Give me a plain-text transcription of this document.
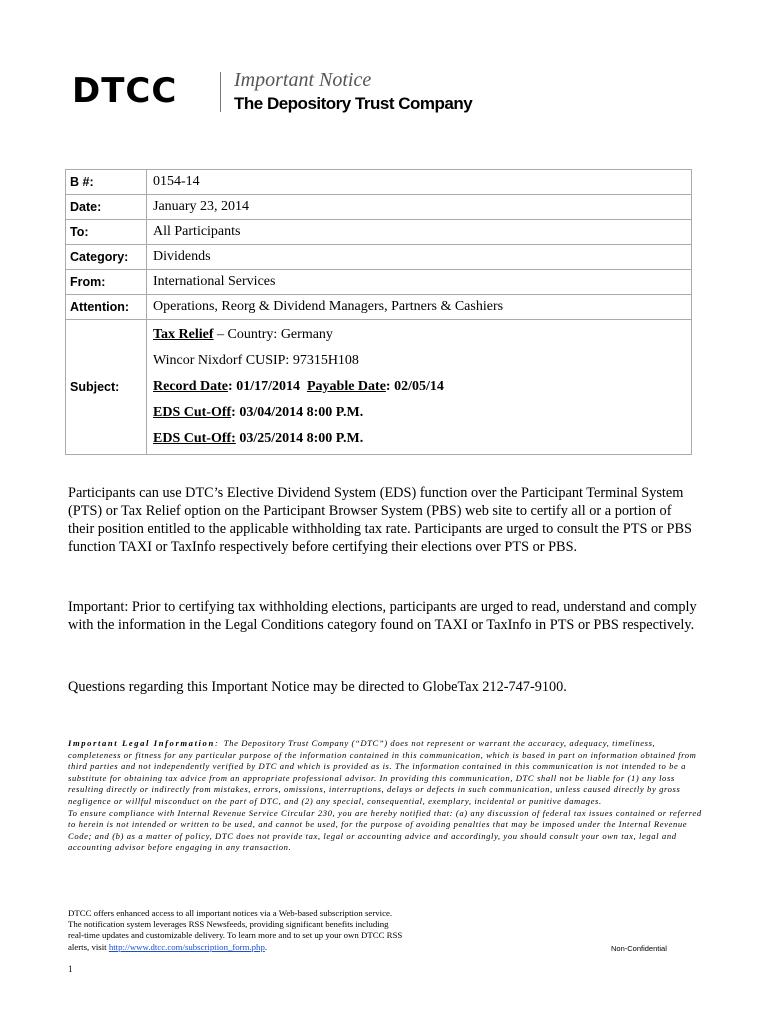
DTCC	Important Notice
The Depository Trust Company
B #:	0154-14
Date:	January 23, 2014
To:	All Participants
Category:	Dividends
From:	International Services
Attention:	Operations, Reorg & Dividend Managers, Partners & Cashiers
Subject:	Tax Relief – Country: Germany
Wincor Nixdorf CUSIP: 97315H108
Record Date: 01/17/2014  Payable Date: 02/05/14
EDS Cut-Off: 03/04/2014 8:00 P.M.
EDS Cut-Off: 03/25/2014 8:00 P.M.
Participants can use DTC’s Elective Dividend System (EDS) function over the Participant Terminal System (PTS) or Tax Relief option on the Participant Browser System (PBS) web site to certify all or a portion of their position entitled to the applicable withholding tax rate. Participants are urged to consult the PTS or PBS function TAXI or TaxInfo respectively before certifying their elections over PTS or PBS.
Important: Prior to certifying tax withholding elections, participants are urged to read, understand and comply with the information in the Legal Conditions category found on TAXI or TaxInfo in PTS or PBS respectively.
Questions regarding this Important Notice may be directed to GlobeTax 212-747-9100.
Important Legal Information:  The Depository Trust Company (“DTC”) does not represent or warrant the accuracy, adequacy, timeliness, completeness or fitness for any particular purpose of the information contained in this communication, which is based in part on information obtained from third parties and not independently verified by DTC and which is provided as is. The information contained in this communication is not intended to be a substitute for obtaining tax advice from an appropriate professional advisor. In providing this communication, DTC shall not be liable for (1) any loss resulting directly or indirectly from mistakes, errors, omissions, interruptions, delays or defects in such communication, unless caused directly by gross negligence or willful misconduct on the part of DTC, and (2) any special, consequential, exemplary, incidental or punitive damages.
To ensure compliance with Internal Revenue Service Circular 230, you are hereby notified that: (a) any discussion of federal tax issues contained or referred to herein is not intended or written to be used, and cannot be used, for the purpose of avoiding penalties that may be imposed under the Internal Revenue Code; and (b) as a matter of policy, DTC does not provide tax, legal or accounting advice and accordingly, you should consult your own tax, legal and accounting advisor before engaging in any transaction.
DTCC offers enhanced access to all important notices via a Web-based subscription service.
The notification system leverages RSS Newsfeeds, providing significant benefits including
real-time updates and customizable delivery. To learn more and to set up your own DTCC RSS
alerts, visit http://www.dtcc.com/subscription_form.php.	Non-Confidential
1
